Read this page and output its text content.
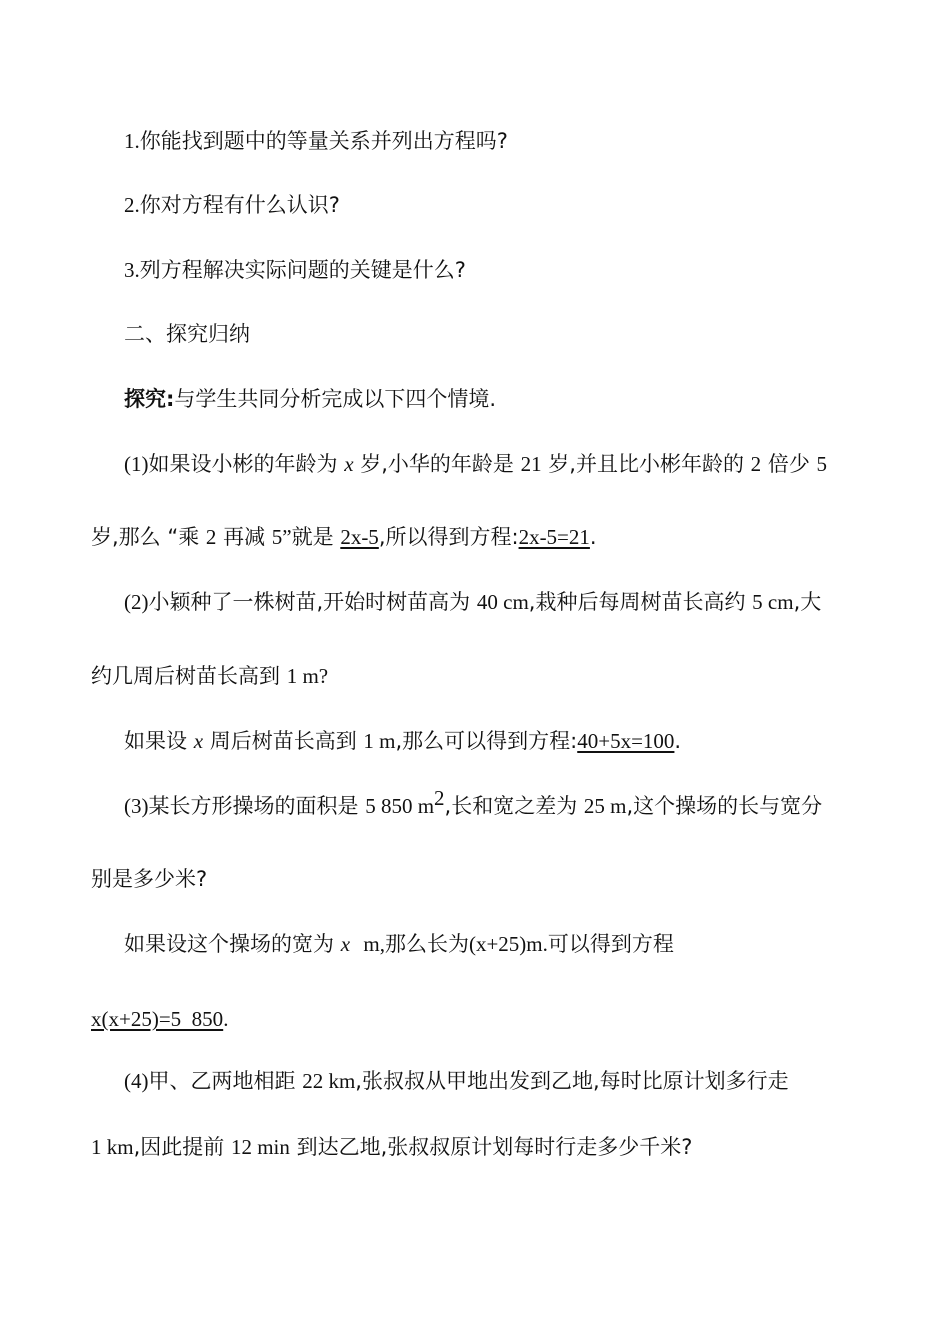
1.你能找到题中的等量关系并列出方程吗?
2.你对方程有什么认识?
3.列方程解决实际问题的关键是什么?
二、探究归纳
探究:与学生共同分析完成以下四个情境.
(1)如果设小彬的年龄为 x 岁,小华的年龄是 21 岁,并且比小彬年龄的 2 倍少 5
岁,那么 “乘 2 再减 5”就是 2x-5,所以得到方程:2x-5=21.
(2)小颖种了一株树苗,开始时树苗高为 40 cm,栽种后每周树苗长高约 5 cm,大
约几周后树苗长高到 1 m?
如果设 x 周后树苗长高到 1 m,那么可以得到方程:40+5x=100.
(3)某长方形操场的面积是 5 850 $m^2$,长和宽之差为 25 m,这个操场的长与宽分
别是多少米?
如果设这个操场的宽为 x m,那么长为(x+25)m.可以得到方程
x(x+25)=5  850.
(4)甲、乙两地相距 22 km,张叔叔从甲地出发到乙地,每时比原计划多行走
1 km,因此提前 12 min 到达乙地,张叔叔原计划每时行走多少千米?
